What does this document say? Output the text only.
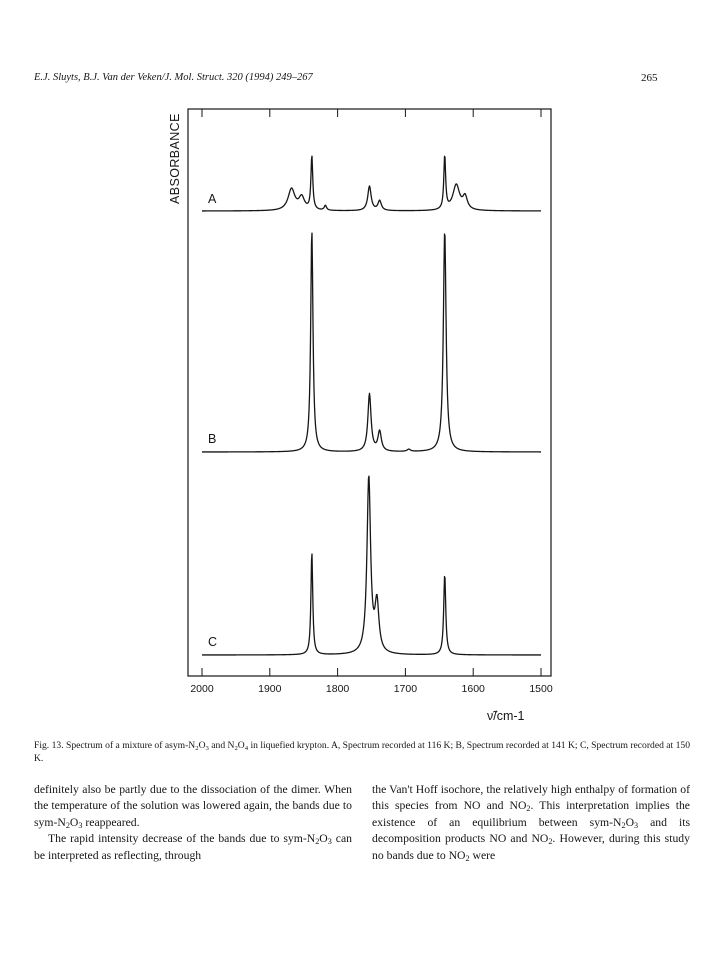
E.J. Sluyts, B.J. Van der Veken/J. Mol. Struct. 320 (1994) 249–267	265
A
B
C
2000	1900	1800	1700	1600	1500
ABSORBANCE
ν̃/cm-1
Fig. 13. Spectrum of a mixture of asym-$N_2O_3$ and $N_2O_4$ in liquefied krypton. A, Spectrum recorded at 116 K; B, Spectrum recorded at 141 K; C, Spectrum recorded at 150 K.

definitely also be partly due to the dissociation of the dimer. When the temperature of the solution was lowered again, the bands due to sym-$N_2O_3$ reappeared.

The rapid intensity decrease of the bands due to sym-$N_2O_3$ can be interpreted as reflecting, through

the Van't Hoff isochore, the relatively high enthalpy of formation of this species from NO and $NO_2$. This interpretation implies the existence of an equilibrium between sym-$N_2O_3$ and its decomposition products NO and $NO_2$. However, during this study no bands due to $NO_2$ were
